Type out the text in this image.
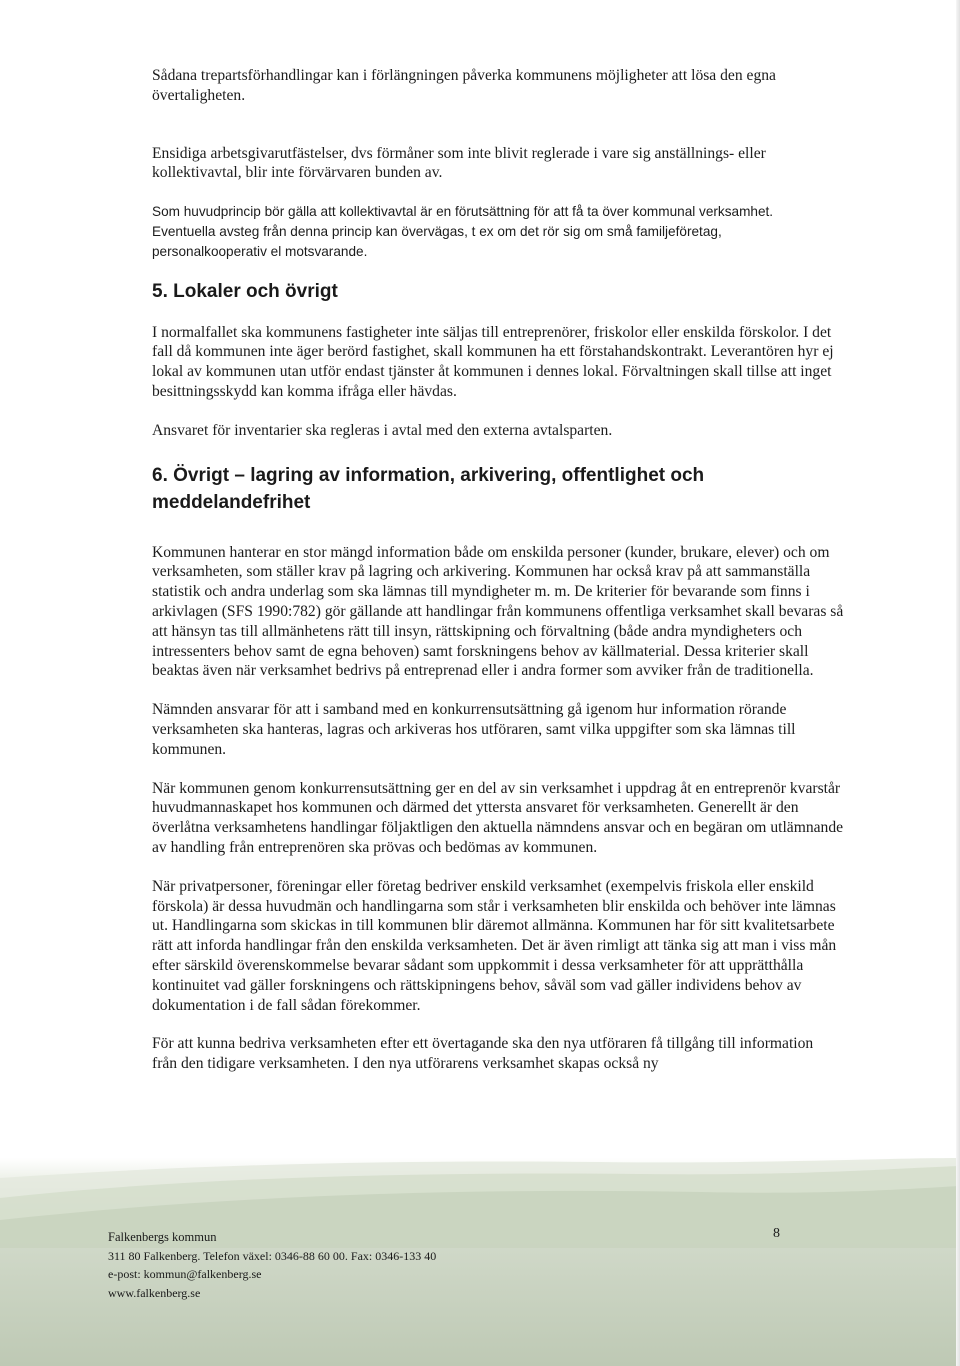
Sådana trepartsförhandlingar kan i förlängningen påverka kommunens möjligheter att lösa den egna övertaligheten.

Ensidiga arbetsgivarutfästelser, dvs förmåner som inte blivit reglerade i vare sig anställnings- eller kollektivavtal, blir inte förvärvaren bunden av.

Som huvudprincip bör gälla att kollektivavtal är en förutsättning för att få ta över kommunal verksamhet. Eventuella avsteg från denna princip kan övervägas, t ex om det rör sig om små familjeföretag, personalkooperativ el motsvarande.

5. Lokaler och övrigt

I normalfallet ska kommunens fastigheter inte säljas till entreprenörer, friskolor eller enskilda förskolor. I det fall då kommunen inte äger berörd fastighet, skall kommunen ha ett förstahandskontrakt. Leverantören hyr ej lokal av kommunen utan utför endast tjänster åt kommunen i dennes lokal. Förvaltningen skall tillse att inget besittningsskydd kan komma ifråga eller hävdas.

Ansvaret för inventarier ska regleras i avtal med den externa avtalsparten.

6. Övrigt – lagring av information, arkivering, offentlighet och
meddelandefrihet

Kommunen hanterar en stor mängd information både om enskilda personer (kunder, brukare, elever) och om verksamheten, som ställer krav på lagring och arkivering. Kommunen har också krav på att sammanställa statistik och andra underlag som ska lämnas till myndigheter m. m. De kriterier för bevarande som finns i arkivlagen (SFS 1990:782) gör gällande att handlingar från kommunens offentliga verksamhet skall bevaras så att hänsyn tas till allmänhetens rätt till insyn, rättskipning och förvaltning (både andra myndigheters och intressenters behov samt de egna behoven) samt forskningens behov av källmaterial. Dessa kriterier skall beaktas även när verksamhet bedrivs på entreprenad eller i andra former som avviker från de traditionella.

Nämnden ansvarar för att i samband med en konkurrensutsättning gå igenom hur information rörande verksamheten ska hanteras, lagras och arkiveras hos utföraren, samt vilka uppgifter som ska lämnas till kommunen.

När kommunen genom konkurrensutsättning ger en del av sin verksamhet i uppdrag åt en entreprenör kvarstår huvudmannaskapet hos kommunen och därmed det yttersta ansvaret för verksamheten. Generellt är den överlåtna verksamhetens handlingar följaktligen den aktuella nämndens ansvar och en begäran om utlämnande av handling från entreprenören ska prövas och bedömas av kommunen.

När privatpersoner, föreningar eller företag bedriver enskild verksamhet (exempelvis friskola eller enskild förskola) är dessa huvudmän och handlingarna som står i verksamheten blir enskilda och behöver inte lämnas ut. Handlingarna som skickas in till kommunen blir däremot allmänna. Kommunen har för sitt kvalitetsarbete rätt att inforda handlingar från den enskilda verksamheten. Det är även rimligt att tänka sig att man i viss mån efter särskild överenskommelse bevarar sådant som uppkommit i dessa verksamheter för att upprätthålla kontinuitet vad gäller forskningens och rättskipningens behov, såväl som vad gäller individens behov av dokumentation i de fall sådan förekommer.

För att kunna bedriva verksamheten efter ett övertagande ska den nya utföraren få tillgång till information från den tidigare verksamheten. I den nya utförarens verksamhet skapas också ny

Falkenbergs kommun
311 80 Falkenberg. Telefon växel: 0346-88 60 00. Fax: 0346-133 40
e-post: kommun@falkenberg.se
www.falkenberg.se
8
